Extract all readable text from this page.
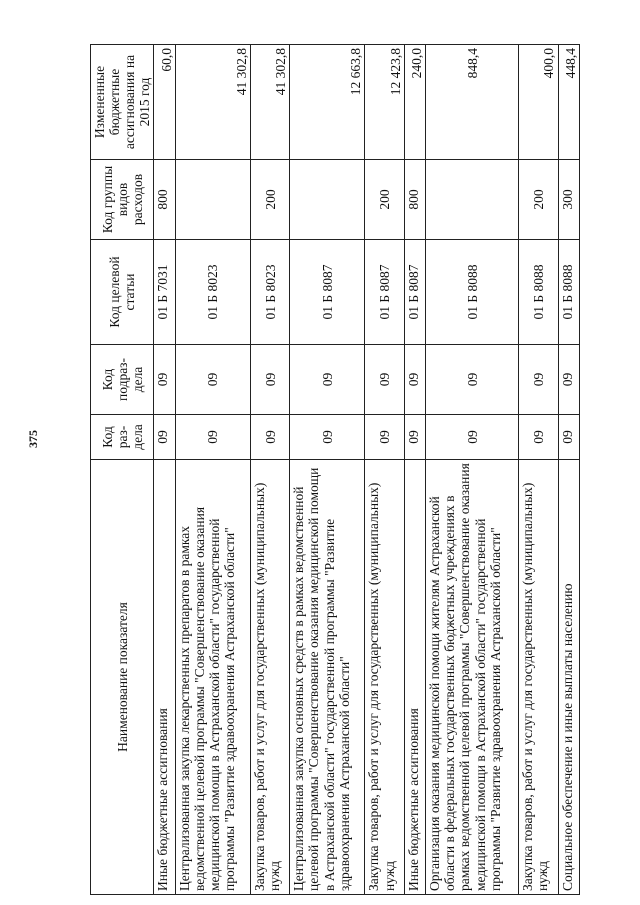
375
Наименование показателя	Код раз-дела	Код подраз-дела	Код целевой статьи	Код группы видов расходов	Измененные бюджетные ассигнования на 2015 год
Иные бюджетные ассигнования	09	09	01 Б 7031	800	60,0
Централизованная закупка лекарственных препаратов в рамках ведомственной целевой программы "Совершенствование оказания медицинской помощи в Астраханской области" государственной программы "Развитие здравоохранения Астраханской области"	09	09	01 Б 8023		41 302,8
Закупка товаров, работ и услуг для государственных (муниципальных) нужд	09	09	01 Б 8023	200	41 302,8
Централизованная закупка основных средств в рамках ведомственной целевой программы "Совершенствование оказания медицинской помощи в Астраханской области" государственной программы "Развитие здравоохранения Астраханской области"	09	09	01 Б 8087		12 663,8
Закупка товаров, работ и услуг для государственных (муниципальных) нужд	09	09	01 Б 8087	200	12 423,8
Иные бюджетные ассигнования	09	09	01 Б 8087	800	240,0
Организация оказания медицинской помощи жителям Астраханской области в федеральных государственных бюджетных учреждениях в рамках ведомственной целевой программы "Совершенствование оказания медицинской помощи в Астраханской области" государственной программы "Развитие здравоохранения Астраханской области"	09	09	01 Б 8088		848,4
Закупка товаров, работ и услуг для государственных (муниципальных) нужд	09	09	01 Б 8088	200	400,0
Социальное обеспечение и иные выплаты населению	09	09	01 Б 8088	300	448,4
